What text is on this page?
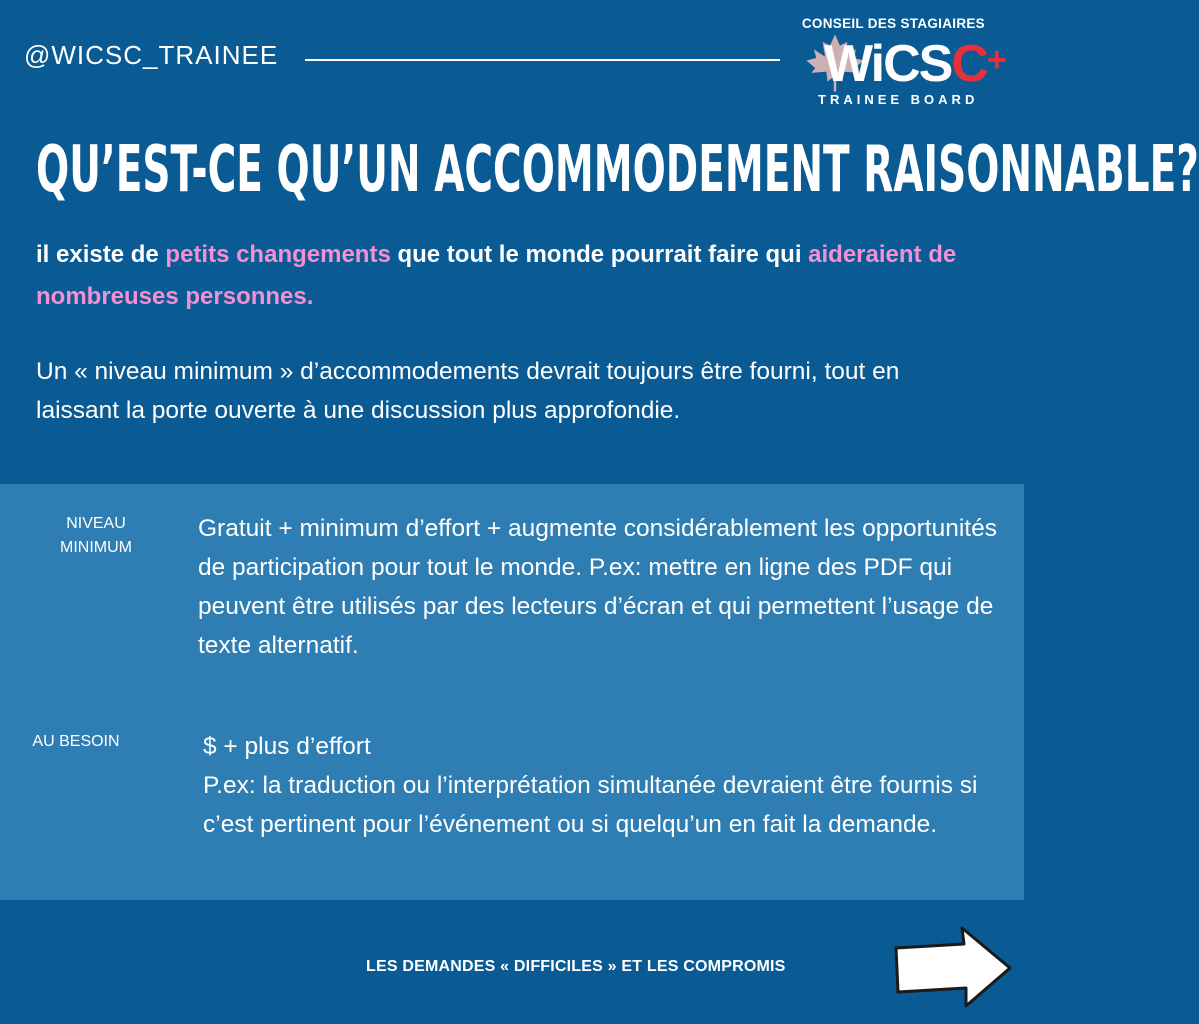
@WICSC_TRAINEE
CONSEIL DES STAGIAIRES
WiCSC+
TRAINEE BOARD
QU’EST-CE QU’UN ACCOMMODEMENT RAISONNABLE?
il existe de petits changements que tout le monde pourrait faire qui aideraient de nombreuses personnes.
Un « niveau minimum » d’accommodements devrait toujours être fourni, tout en laissant la porte ouverte à une discussion plus approfondie.
NIVEAU
MINIMUM
Gratuit + minimum d’effort + augmente considérablement les opportunités de participation pour tout le monde. P.ex: mettre en ligne des PDF qui peuvent être utilisés par des lecteurs d’écran et qui permettent l’usage de texte alternatif.
AU BESOIN	$ + plus d’effort
P.ex: la traduction ou l’interprétation simultanée devraient être fournis si c’est pertinent pour l’événement ou si quelqu’un en fait la demande.
LES DEMANDES « DIFFICILES » ET LES COMPROMIS
